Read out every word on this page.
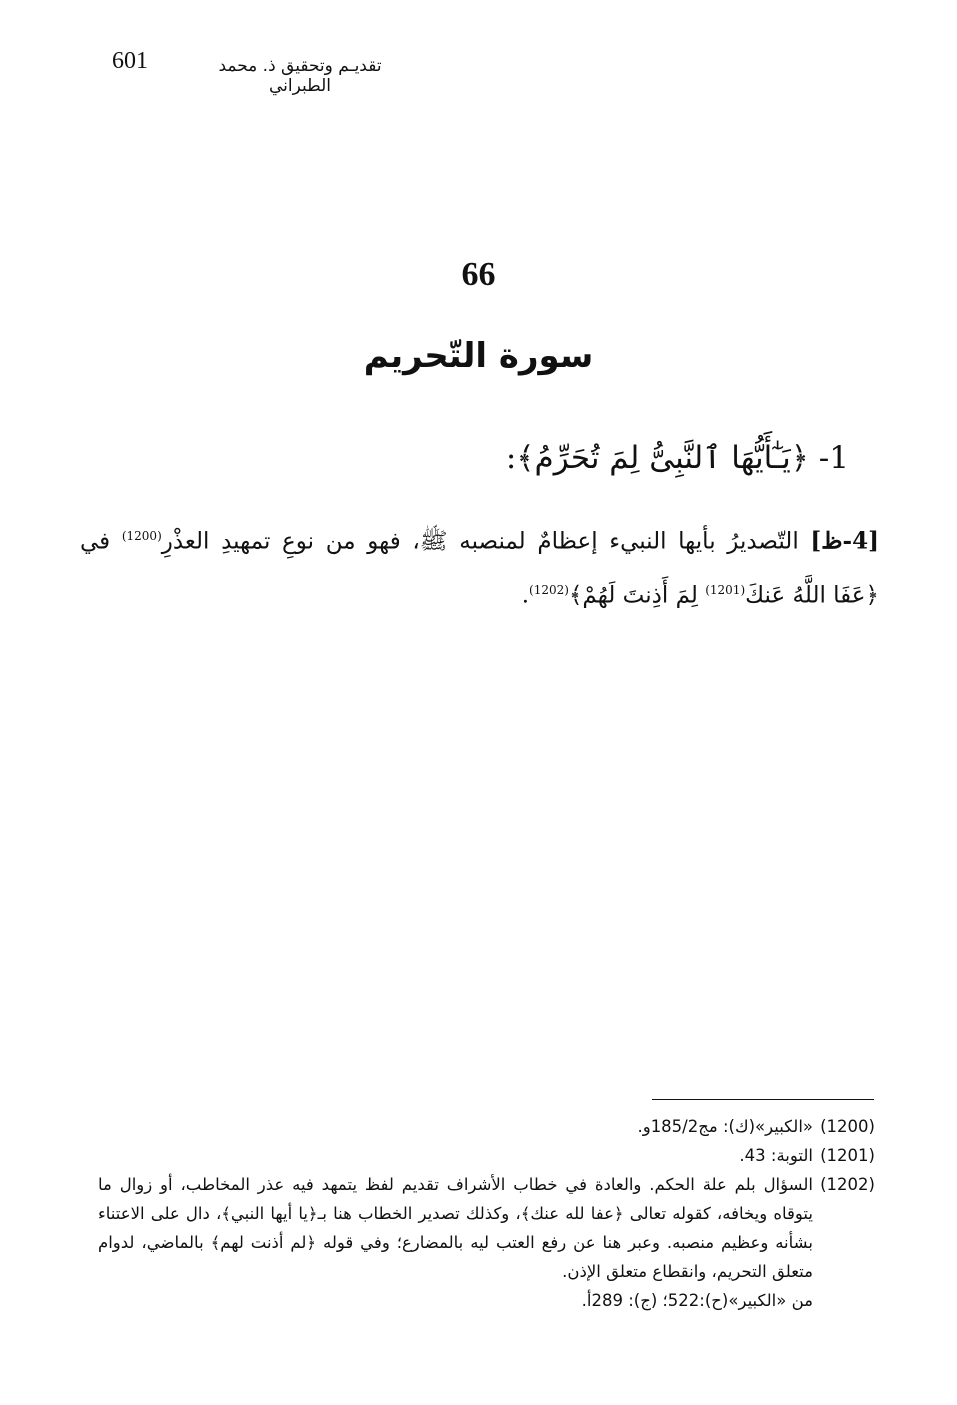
601	تقديـم وتحقيق ذ. محمد الطبراني
66
سورة التّحريم
1- ﴿يَـٰٓأَيُّهَا ٱلنَّبِىُّ لِمَ تُحَرِّمُ﴾:
[4-ظ] التّصديرُ بأيها النبيء إعظامٌ لمنصبه ﷺ، فهو من نوعِ تمهيدِ العذْرِ$^{(1200)}$ في ﴿عَفَا اللَّهُ عَنكَ$^{(1201)}$ لِمَ أَذِنتَ لَهُمْ﴾$^{(1202)}$.

(1200)«الكبير»(ك): مج185/2و.

(1201)التوبة: 43.

(1202)السؤال بلم علة الحكم. والعادة في خطاب الأشراف تقديم لفظ يتمهد فيه عذر المخاطب، أو زوال ما يتوقاه ويخافه، كقوله تعالى ﴿عفا لله عنك﴾، وكذلك تصدير الخطاب هنا بـ﴿يا أيها النبي﴾، دال على الاعتناء بشأنه وعظيم منصبه. وعبر هنا عن رفع العتب ليه بالمضارع؛ وفي قوله ﴿لم أذنت لهم﴾ بالماضي، لدوام متعلق التحريم، وانقطاع متعلق الإذن.

من «الكبير»(ح):522؛ (ج): 289أ.
